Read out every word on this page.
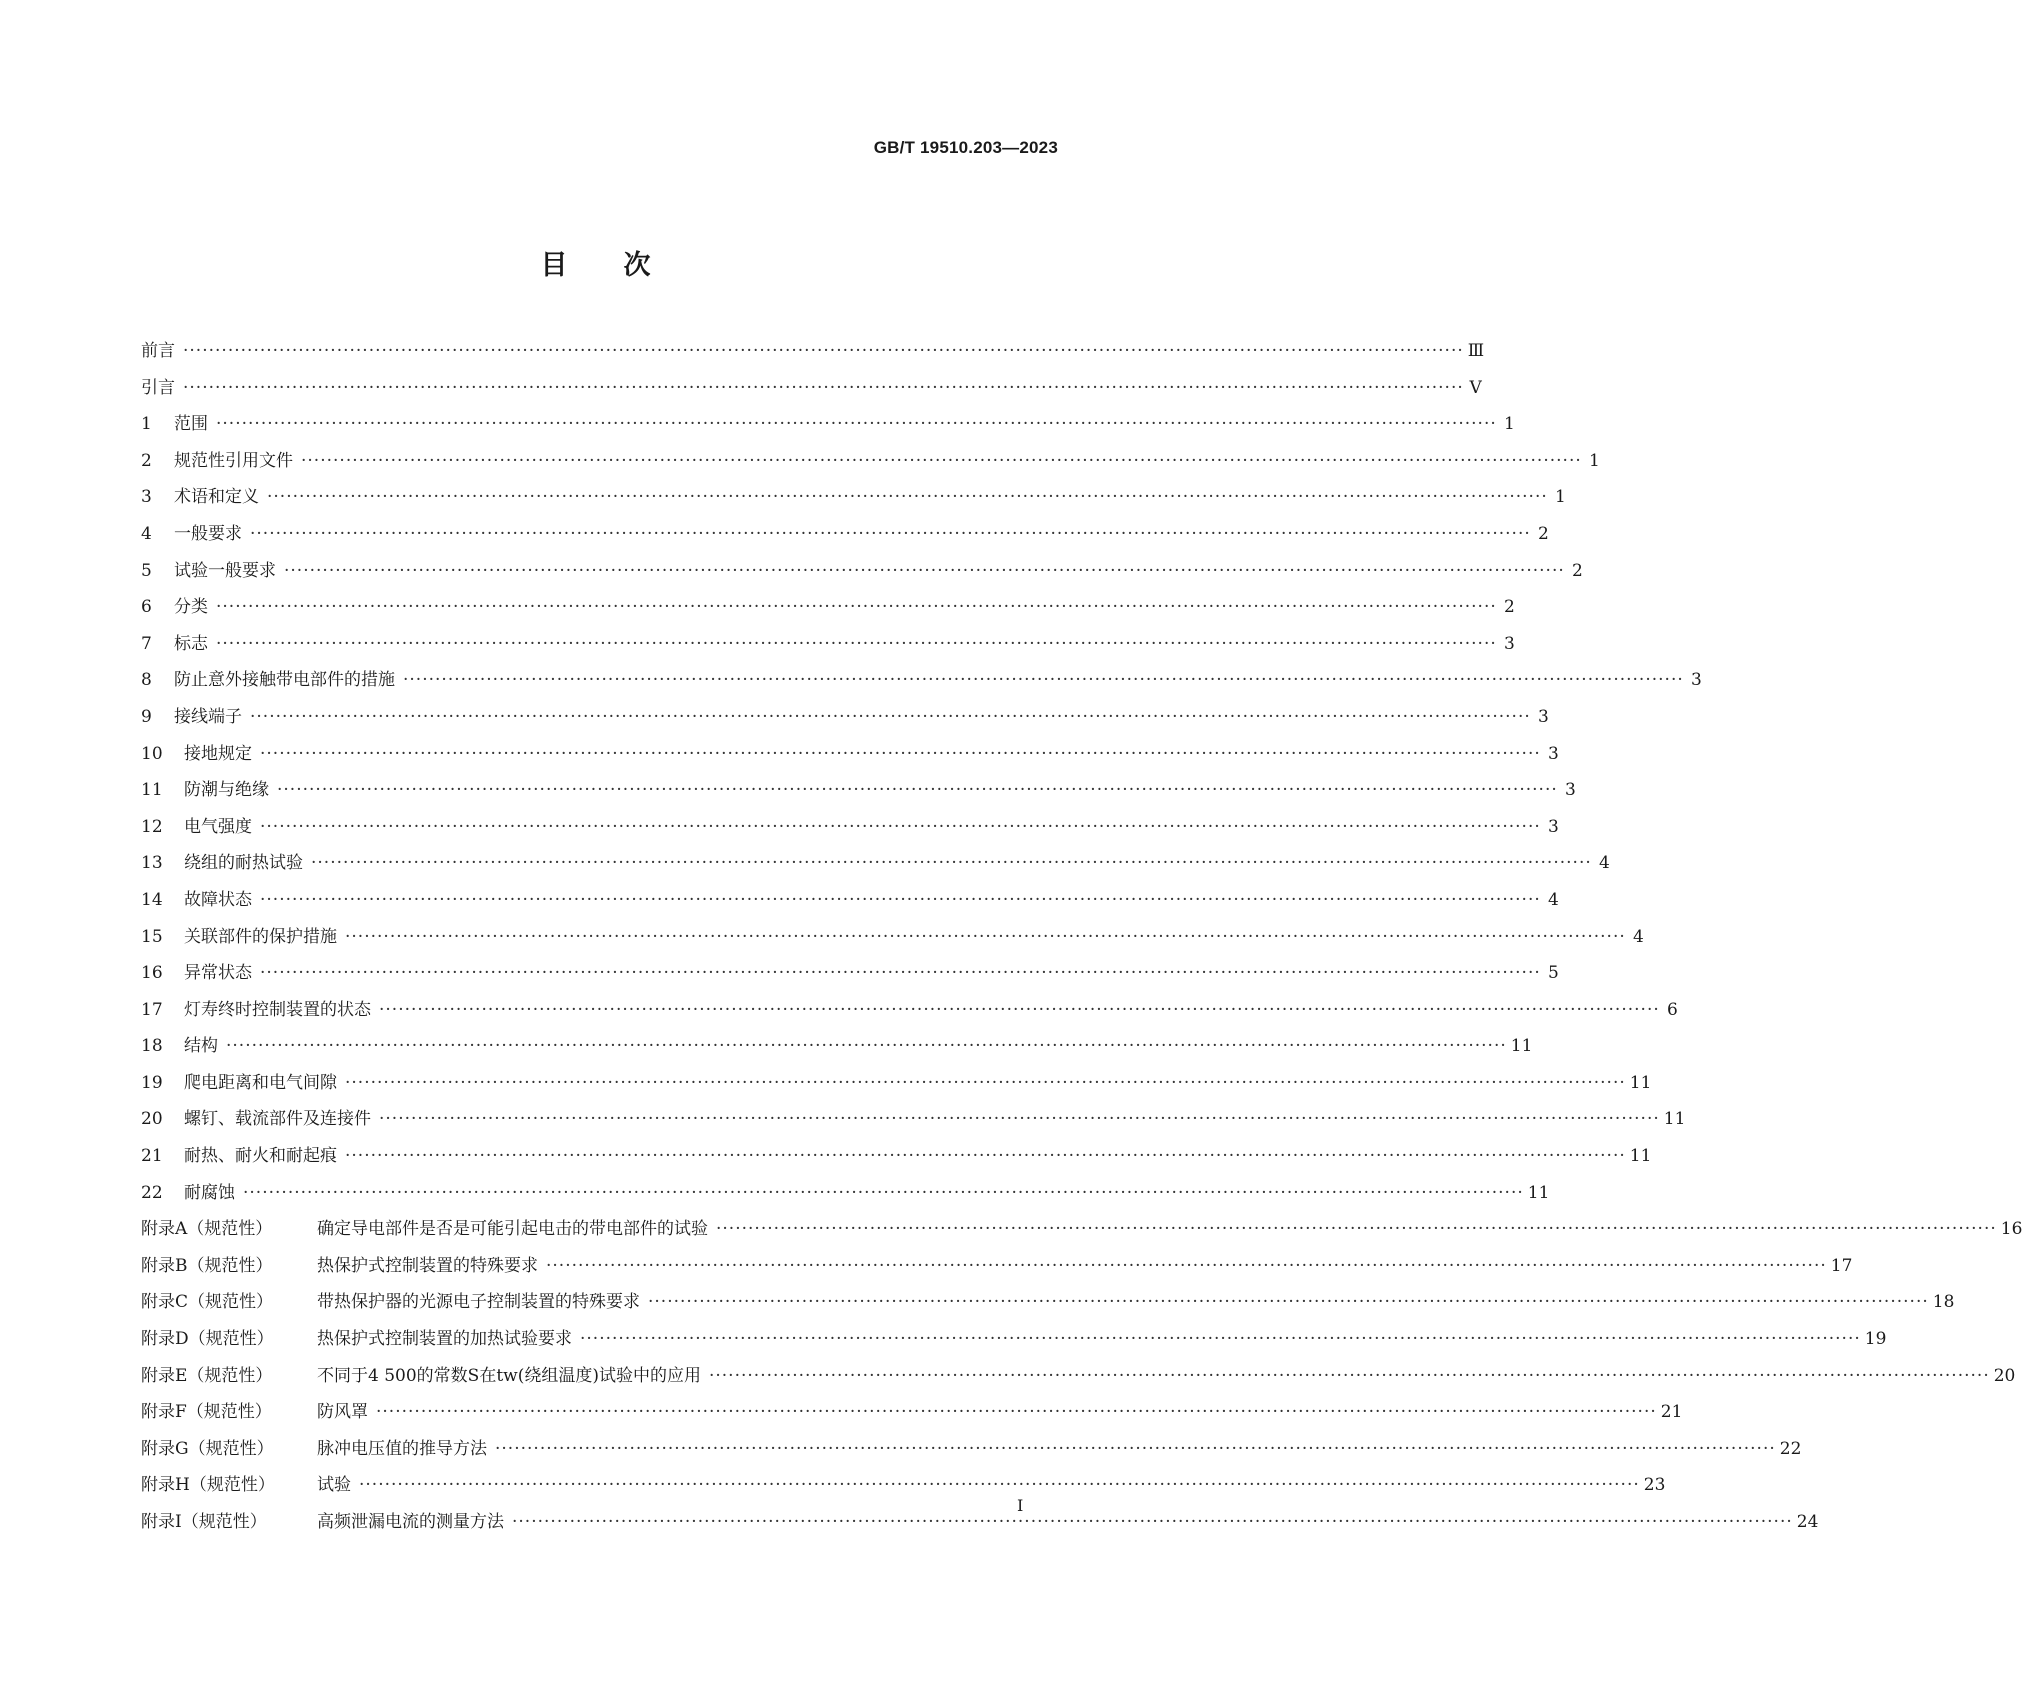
GB/T 19510.203—2023
目次
前言 ········································································································································································································ Ⅲ
引言 ········································································································································································································ Ⅴ
1	范围 ········································································································································································································ 1
2	规范性引用文件 ········································································································································································································ 1
3	术语和定义 ········································································································································································································ 1
4	一般要求 ········································································································································································································ 2
5	试验一般要求 ········································································································································································································ 2
6	分类 ········································································································································································································ 2
7	标志 ········································································································································································································ 3
8	防止意外接触带电部件的措施 ········································································································································································································ 3
9	接线端子 ········································································································································································································ 3
10	接地规定 ········································································································································································································ 3
11	防潮与绝缘 ········································································································································································································ 3
12	电气强度 ········································································································································································································ 3
13	绕组的耐热试验 ········································································································································································································ 4
14	故障状态 ········································································································································································································ 4
15	关联部件的保护措施 ········································································································································································································ 4
16	异常状态 ········································································································································································································ 5
17	灯寿终时控制装置的状态 ········································································································································································································ 6
18	结构 ········································································································································································································ 11
19	爬电距离和电气间隙 ········································································································································································································ 11
20	螺钉、载流部件及连接件 ········································································································································································································ 11
21	耐热、耐火和耐起痕 ········································································································································································································ 11
22	耐腐蚀 ········································································································································································································ 11
附录A（规范性）	确定导电部件是否是可能引起电击的带电部件的试验 ········································································································································································································ 16
附录B（规范性）	热保护式控制装置的特殊要求 ········································································································································································································ 17
附录C（规范性）	带热保护器的光源电子控制装置的特殊要求 ········································································································································································································ 18
附录D（规范性）	热保护式控制装置的加热试验要求 ········································································································································································································ 19
附录E（规范性）	不同于4 500的常数S在tw(绕组温度)试验中的应用 ········································································································································································································ 20
附录F（规范性）	防风罩 ········································································································································································································ 21
附录G（规范性）	脉冲电压值的推导方法 ········································································································································································································ 22
附录H（规范性）	试验 ········································································································································································································ 23
附录I（规范性）	高频泄漏电流的测量方法 ········································································································································································································ 24
Ⅰ
